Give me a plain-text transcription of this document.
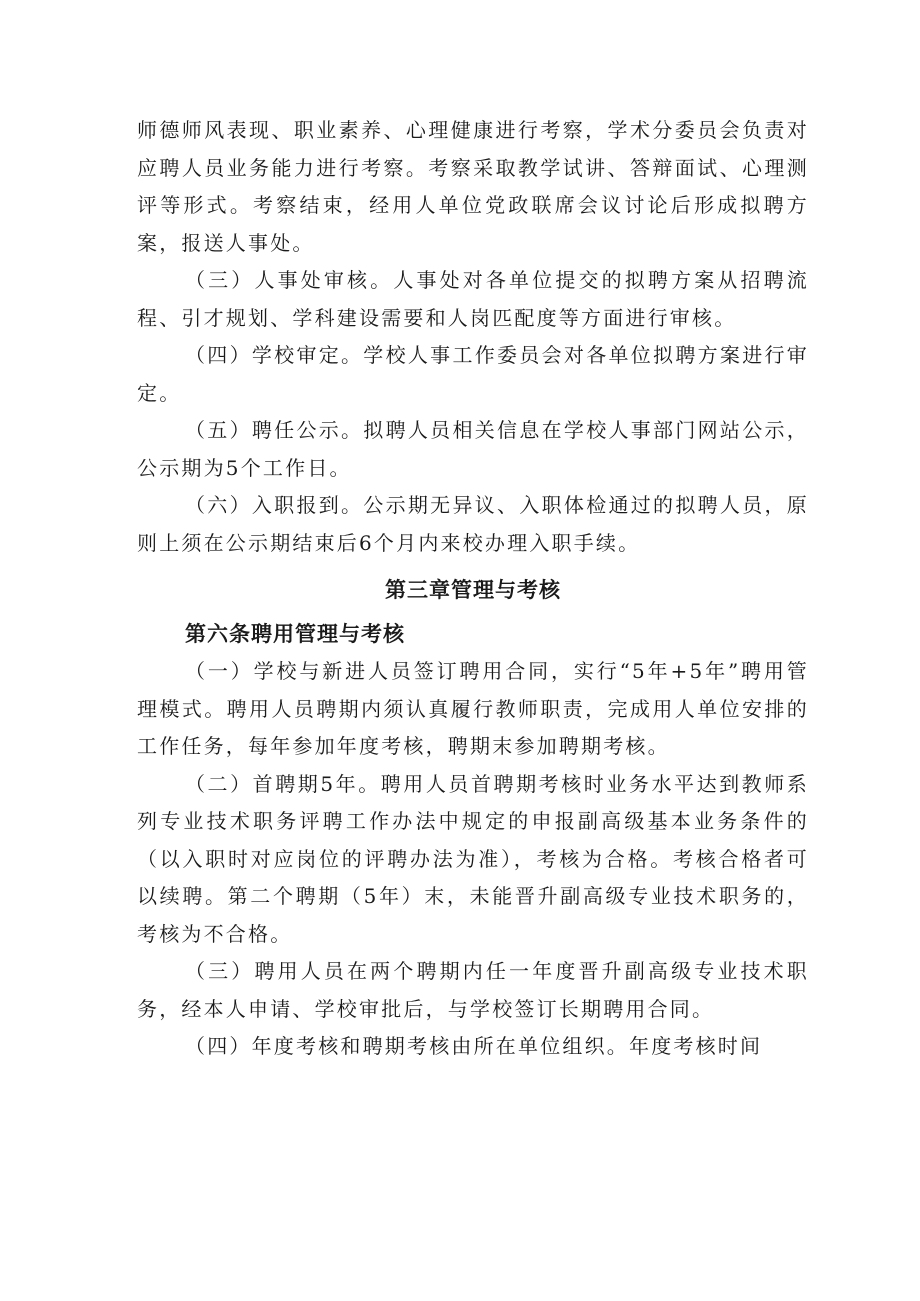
师德师风表现、职业素养、心理健康进行考察，学术分委员会负责对应聘人员业务能力进行考察。考察采取教学试讲、答辩面试、心理测评等形式。考察结束，经用人单位党政联席会议讨论后形成拟聘方案，报送人事处。

（三）人事处审核。人事处对各单位提交的拟聘方案从招聘流程、引才规划、学科建设需要和人岗匹配度等方面进行审核。

（四）学校审定。学校人事工作委员会对各单位拟聘方案进行审定。

（五）聘任公示。拟聘人员相关信息在学校人事部门网站公示，公示期为5个工作日。

（六）入职报到。公示期无异议、入职体检通过的拟聘人员，原则上须在公示期结束后6个月内来校办理入职手续。

第三章管理与考核
第六条聘用管理与考核

（一）学校与新进人员签订聘用合同，实行“5年+5年”聘用管理模式。聘用人员聘期内须认真履行教师职责，完成用人单位安排的工作任务，每年参加年度考核，聘期末参加聘期考核。

（二）首聘期5年。聘用人员首聘期考核时业务水平达到教师系列专业技术职务评聘工作办法中规定的申报副高级基本业务条件的（以入职时对应岗位的评聘办法为准），考核为合格。考核合格者可以续聘。第二个聘期（5年）末，未能晋升副高级专业技术职务的，考核为不合格。

（三）聘用人员在两个聘期内任一年度晋升副高级专业技术职务，经本人申请、学校审批后，与学校签订长期聘用合同。

（四）年度考核和聘期考核由所在单位组织。年度考核时间
